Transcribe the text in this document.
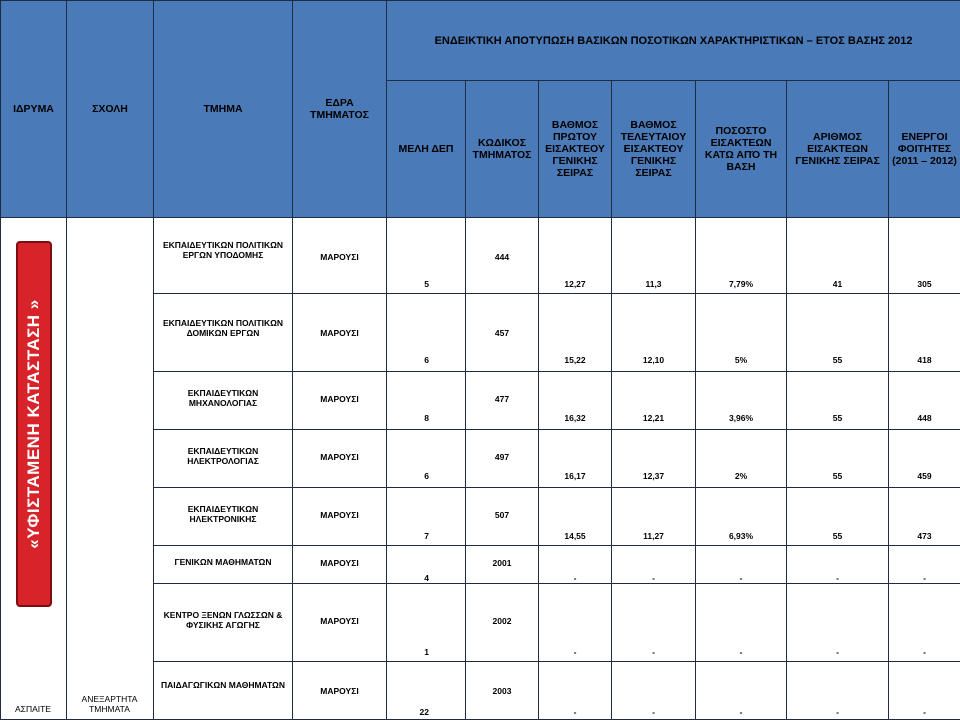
ΙΔΡΥΜΑ	ΣΧΟΛΗ	ΤΜΗΜΑ	ΕΔΡΑ ΤΜΗΜΑΤΟΣ	ΕΝΔΕΙΚΤΙΚΗ ΑΠΟΤΥΠΩΣΗ ΒΑΣΙΚΩΝ ΠΟΣΟΤΙΚΩΝ ΧΑΡΑΚΤΗΡΙΣΤΙΚΩΝ – ΕΤΟΣ ΒΑΣΗΣ 2012						

				ΜΕΛΗ ΔΕΠ	ΚΩΔΙΚΟΣ ΤΜΗΜΑΤΟΣ	ΒΑΘΜΟΣ ΠΡΩΤΟΥ ΕΙΣΑΚΤΕΟΥ ΓΕΝΙΚΗΣ ΣΕΙΡΑΣ	ΒΑΘΜΟΣ ΤΕΛΕΥΤΑΙΟΥ ΕΙΣΑΚΤΕΟΥ ΓΕΝΙΚΗΣ ΣΕΙΡΑΣ	ΠΟΣΟΣΤΟ ΕΙΣΑΚΤΕΩΝ ΚΑΤΩ ΑΠΌ ΤΗ ΒΑΣΗ	ΑΡΙΘΜΟΣ ΕΙΣΑΚΤΕΩΝ ΓΕΝΙΚΗΣ ΣΕΙΡΑΣ	ΕΝΕΡΓΟΙ ΦΟΙΤΗΤΕΣ (2011 – 2012)

		ΕΚΠΑΙΔΕΥΤΙΚΩΝ ΠΟΛΙΤΙΚΩΝ ΕΡΓΩΝ ΥΠΟΔΟΜΗΣ	ΜΑΡΟΥΣΙ	5	444	12,27	11,3	7,79%	41	305
		ΕΚΠΑΙΔΕΥΤΙΚΩΝ ΠΟΛΙΤΙΚΩΝ ΔΟΜΙΚΩΝ ΕΡΓΩΝ	ΜΑΡΟΥΣΙ	6	457	15,22	12,10	5%	55	418
		ΕΚΠΑΙΔΕΥΤΙΚΩΝ ΜΗΧΑΝΟΛΟΓΙΑΣ	ΜΑΡΟΥΣΙ	8	477	16,32	12,21	3,96%	55	448
		ΕΚΠΑΙΔΕΥΤΙΚΩΝ ΗΛΕΚΤΡΟΛΟΓΙΑΣ	ΜΑΡΟΥΣΙ	6	497	16,17	12,37	2%	55	459
		ΕΚΠΑΙΔΕΥΤΙΚΩΝ ΗΛΕΚΤΡΟΝΙΚΗΣ	ΜΑΡΟΥΣΙ	7	507	14,55	11,27	6,93%	55	473
		ΓΕΝΙΚΩΝ ΜΑΘΗΜΑΤΩΝ	ΜΑΡΟΥΣΙ	4	2001	-	-	-	-	-
		ΚΕΝΤΡΟ ΞΕΝΩΝ ΓΛΩΣΣΩΝ & ΦΥΣΙΚΗΣ ΑΓΩΓΗΣ	ΜΑΡΟΥΣΙ	1	2002	-	-	-	-	-
		ΠΑΙΔΑΓΩΓΙΚΩΝ ΜΑΘΗΜΑΤΩΝ	ΜΑΡΟΥΣΙ	22	2003	-	-	-	-	-
«ΥΦΙΣΤΑΜΕΝΗ ΚΑΤΑΣΤΑΣΗ »
ΑΣΠΑΙΤΕ
ΑΝΕΞΑΡΤΗΤΑ ΤΜΗΜΑΤΑ
